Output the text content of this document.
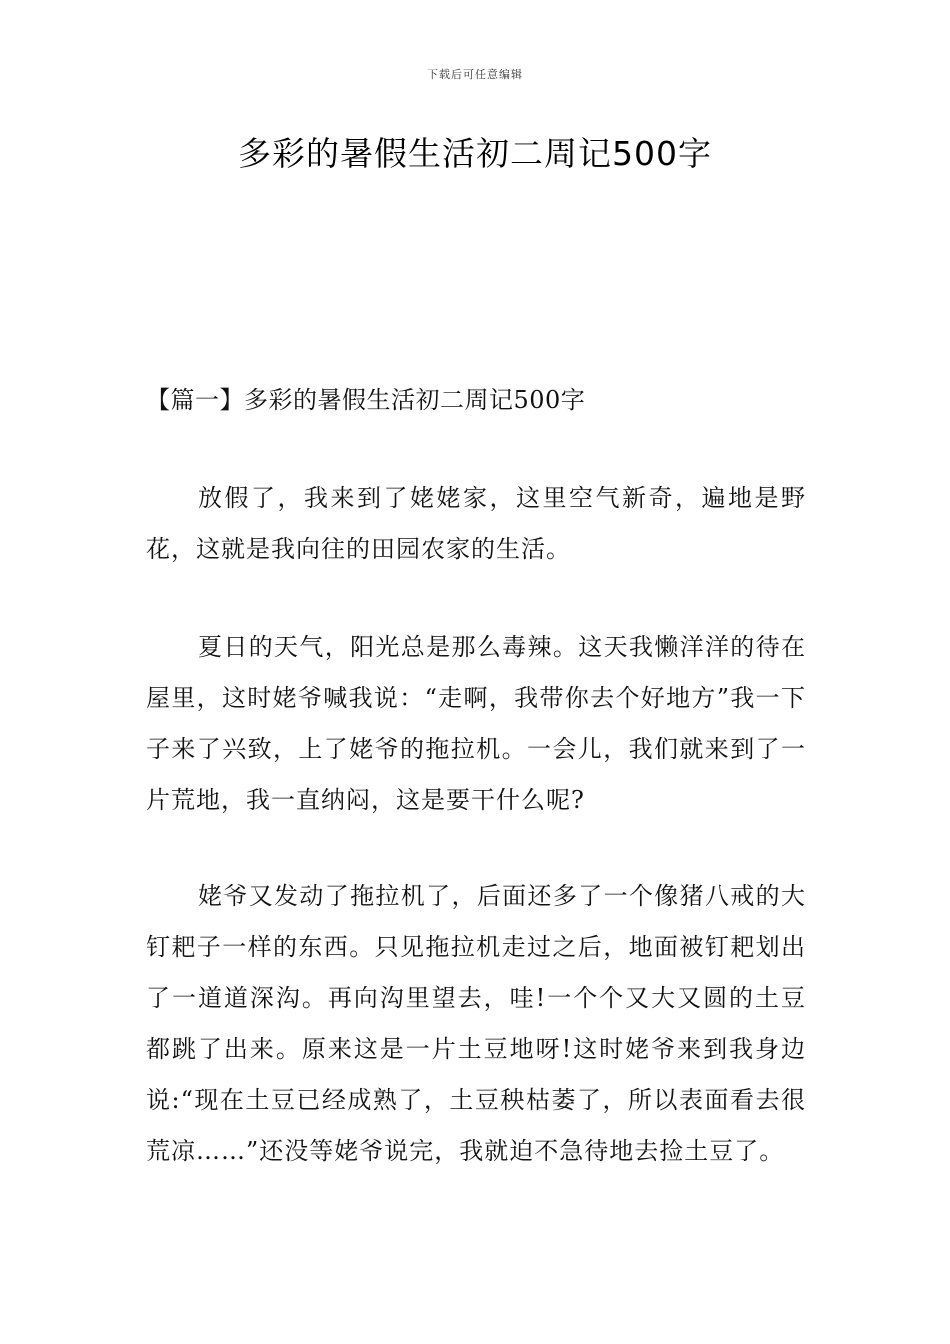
下载后可任意编辑
多彩的暑假生活初二周记500字
【篇一】多彩的暑假生活初二周记500字

放假了，我来到了姥姥家，这里空气新奇，遍地是野花，这就是我向往的田园农家的生活。

夏日的天气，阳光总是那么毒辣。这天我懒洋洋的待在屋里，这时姥爷喊我说：“走啊，我带你去个好地方”我一下子来了兴致，上了姥爷的拖拉机。一会儿，我们就来到了一片荒地，我一直纳闷，这是要干什么呢?

姥爷又发动了拖拉机了，后面还多了一个像猪八戒的大钉耙子一样的东西。只见拖拉机走过之后，地面被钉耙划出了一道道深沟。再向沟里望去，哇!一个个又大又圆的土豆都跳了出来。原来这是一片土豆地呀!这时姥爷来到我身边说:“现在土豆已经成熟了，土豆秧枯萎了，所以表面看去很荒凉……”还没等姥爷说完，我就迫不急待地去捡土豆了。
